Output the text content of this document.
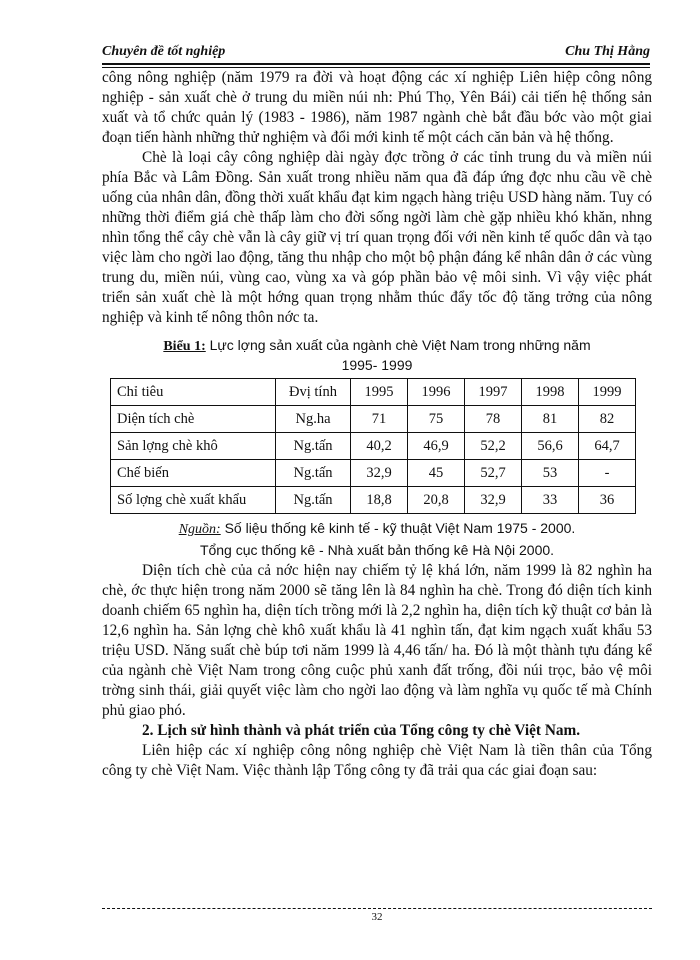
Chuyên đề tốt nghiệp	Chu Thị Hằng

công nông nghiệp (năm 1979 ra đời và hoạt động các xí nghiệp Liên hiệp công nông nghiệp - sản xuất chè ở trung du miền núi nh: Phú Thọ, Yên Bái) cải tiến hệ thống sản xuất và tổ chức quản lý (1983 - 1986), năm 1987 ngành chè bắt đầu bớc vào một giai đoạn tiến hành những thử nghiệm và đổi mới kinh tế một cách căn bản và hệ thống.

Chè là loại cây công nghiệp dài ngày đợc trồng ở các tỉnh trung du và miền núi phía Bắc và Lâm Đồng. Sản xuất trong nhiều năm qua đã đáp ứng đợc nhu cầu về chè uống của nhân dân, đồng thời xuất khẩu đạt kim ngạch hàng triệu USD hàng năm. Tuy có những thời điểm giá chè thấp làm cho đời sống ngời làm chè gặp nhiều khó khăn, nhng nhìn tổng thể cây chè vẫn là cây giữ vị trí quan trọng đối với nền kinh tế quốc dân và tạo việc làm cho ngời lao động, tăng thu nhập cho một bộ phận đáng kể nhân dân ở các vùng trung du, miền núi, vùng cao, vùng xa và góp phần bảo vệ môi sinh. Vì vậy việc phát triển sản xuất chè là một hớng quan trọng nhằm thúc đẩy tốc độ tăng trởng của nông nghiệp và kinh tế nông thôn nớc ta.

Biểu 1: Lực lợng sản xuất của ngành chè Việt Nam trong những năm
1995- 1999
Chỉ tiêu	Đvị tính	1995	1996	1997	1998	1999
Diện tích chè	Ng.ha	71	75	78	81	82
Sản lợng chè khô	Ng.tấn	40,2	46,9	52,2	56,6	64,7
Chế biến	Ng.tấn	32,9	45	52,7	53	-
Số lợng chè xuất khẩu	Ng.tấn	18,8	20,8	32,9	33	36
Nguồn: Số liệu thống kê kinh tế - kỹ thuật Việt Nam 1975 - 2000.
Tổng cục thống kê - Nhà xuất bản thống kê Hà Nội 2000.

Diện tích chè của cả nớc hiện nay chiếm tỷ lệ khá lớn, năm 1999 là 82 nghìn ha chè, ớc thực hiện trong năm 2000 sẽ tăng lên là 84 nghìn ha chè. Trong đó diện tích kinh doanh chiếm 65 nghìn ha, diện tích trồng mới là 2,2 nghìn ha, diện tích kỹ thuật cơ bản là 12,6 nghìn ha. Sản lợng chè khô xuất khẩu là 41 nghìn tấn, đạt kim ngạch xuất khẩu 53 triệu USD. Năng suất chè búp tơi năm 1999 là 4,46 tấn/ ha. Đó là một thành tựu đáng kể của ngành chè Việt Nam trong công cuộc phủ xanh đất trống, đồi núi trọc, bảo vệ môi trờng sinh thái, giải quyết việc làm cho ngời lao động và làm nghĩa vụ quốc tế mà Chính phủ giao phó.

2. Lịch sử hình thành và phát triển của Tổng công ty chè Việt Nam.

Liên hiệp các xí nghiệp công nông nghiệp chè Việt Nam là tiền thân của Tổng công ty chè Việt Nam. Việc thành lập Tổng công ty đã trải qua các giai đoạn sau:

32
